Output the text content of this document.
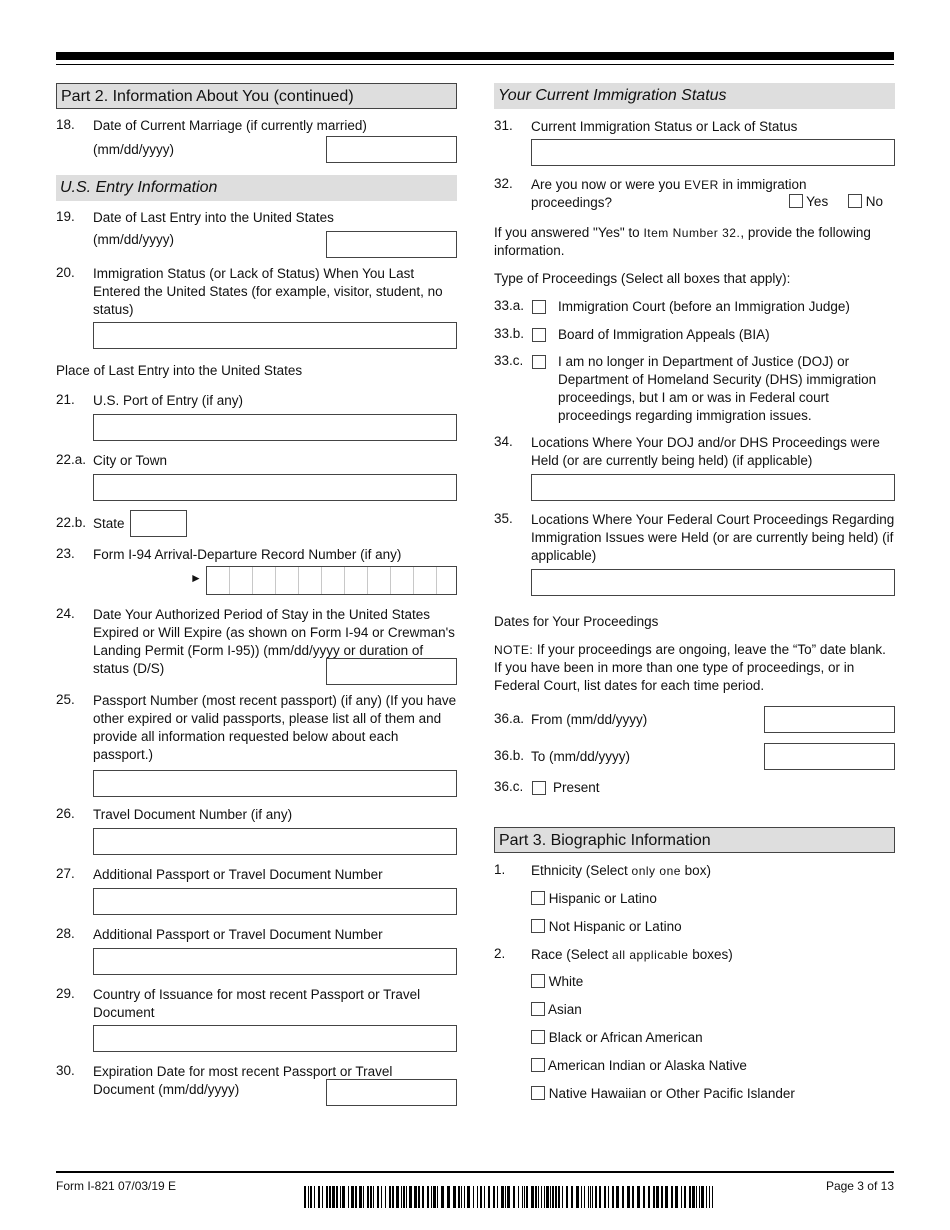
Part 2. Information About You (continued)
18. Date of Current Marriage (if currently married)
(mm/dd/yyyy)
U.S. Entry Information
19. Date of Last Entry into the United States
(mm/dd/yyyy)
20. Immigration Status (or Lack of Status) When You Last Entered the United States (for example, visitor, student, no status)
Place of Last Entry into the United States
21. U.S. Port of Entry (if any)
22.a. City or Town
22.b. State
23. Form I-94 Arrival-Departure Record Number (if any)
►
24. Date Your Authorized Period of Stay in the United States Expired or Will Expire (as shown on Form I-94 or Crewman's Landing Permit (Form I-95)) (mm/dd/yyyy or duration of status (D/S)
25. Passport Number (most recent passport) (if any) (If you have other expired or valid passports, please list all of them and provide all information requested below about each passport.)
26. Travel Document Number (if any)
27. Additional Passport or Travel Document Number
28. Additional Passport or Travel Document Number
29. Country of Issuance for most recent Passport or Travel Document
30. Expiration Date for most recent Passport or Travel Document (mm/dd/yyyy)
Your Current Immigration Status
31. Current Immigration Status or Lack of Status
32. Are you now or were you EVER in immigration proceedings?	Yes	No
If you answered "Yes" to Item Number 32., provide the following information.
Type of Proceedings (Select all boxes that apply):
33.a.	Immigration Court (before an Immigration Judge)
33.b.	Board of Immigration Appeals (BIA)
33.c.	I am no longer in Department of Justice (DOJ) or Department of Homeland Security (DHS) immigration proceedings, but I am or was in Federal court proceedings regarding immigration issues.
34. Locations Where Your DOJ and/or DHS Proceedings were Held (or are currently being held) (if applicable)
35. Locations Where Your Federal Court Proceedings Regarding Immigration Issues were Held (or are currently being held) (if applicable)
Dates for Your Proceedings
NOTE: If your proceedings are ongoing, leave the “To” date blank. If you have been in more than one type of proceedings, or in Federal Court, list dates for each time period.
36.a. From (mm/dd/yyyy)
36.b. To (mm/dd/yyyy)
36.c. Present
Part 3. Biographic Information
1. Ethnicity (Select only one box)
Hispanic or Latino
Not Hispanic or Latino
2. Race (Select all applicable boxes)
White
Asian
Black or African American
American Indian or Alaska Native
Native Hawaiian or Other Pacific Islander
Form I-821 07/03/19 E	Page 3 of 13
